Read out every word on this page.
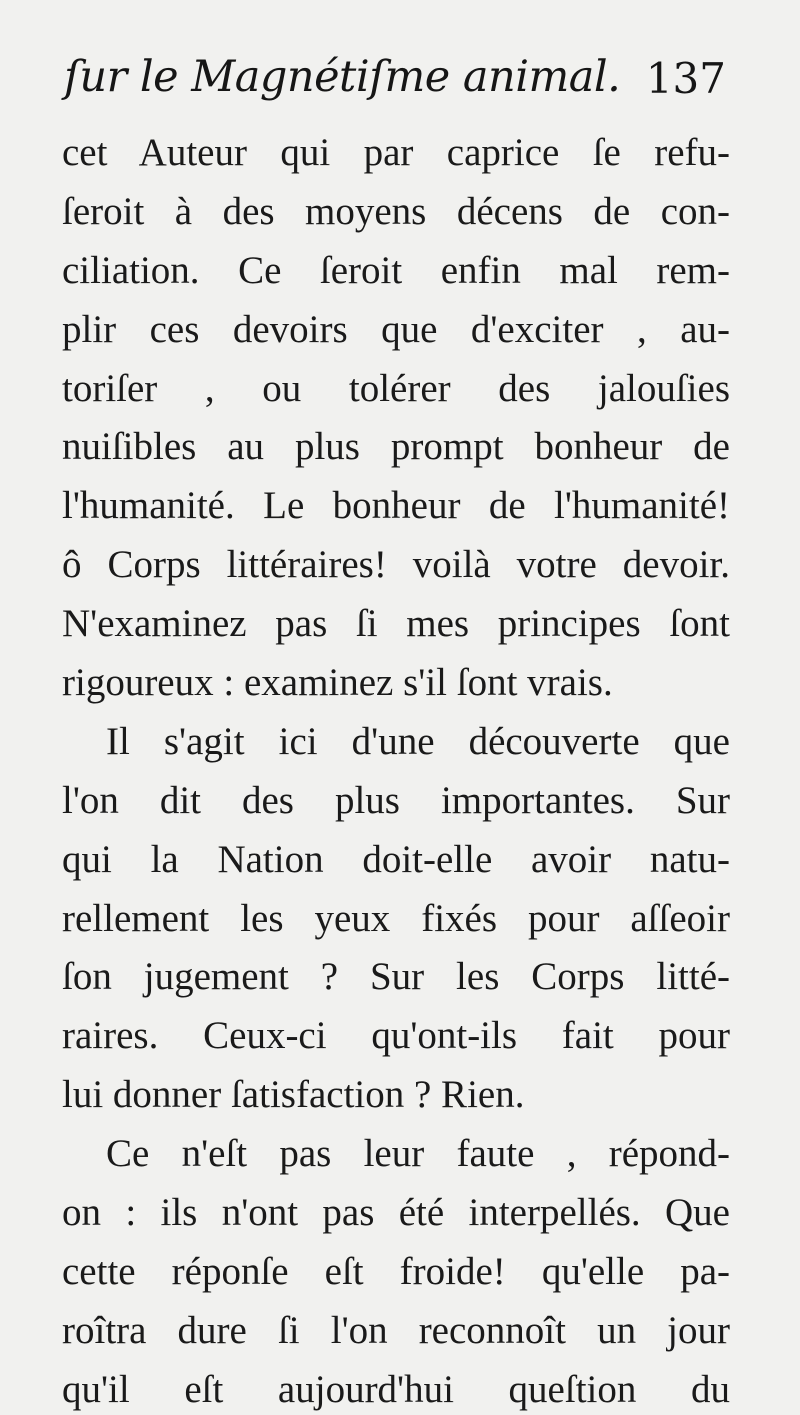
ſur le Magnétiſme animal. 137
cet Auteur qui par caprice ſe refu-
ſeroit à des moyens décens de con-
ciliation. Ce ſeroit enfin mal rem-
plir ces devoirs que d'exciter , au-
toriſer , ou tolérer des jalouſies
nuiſibles au plus prompt bonheur de
l'humanité. Le bonheur de l'humanité!
ô Corps littéraires! voilà votre devoir.
N'examinez pas ſi mes principes ſont
rigoureux : examinez s'il ſont vrais.
Il s'agit ici d'une découverte que
l'on dit des plus importantes. Sur
qui la Nation doit-elle avoir natu-
rellement les yeux fixés pour aſſeoir
ſon jugement ? Sur les Corps litté-
raires. Ceux-ci qu'ont-ils fait pour
lui donner ſatisfaction ? Rien.
Ce n'eſt pas leur faute , répond-
on : ils n'ont pas été interpellés. Que
cette réponſe eſt froide! qu'elle pa-
roîtra dure ſi l'on reconnoît un jour
qu'il eſt aujourd'hui queſtion du
